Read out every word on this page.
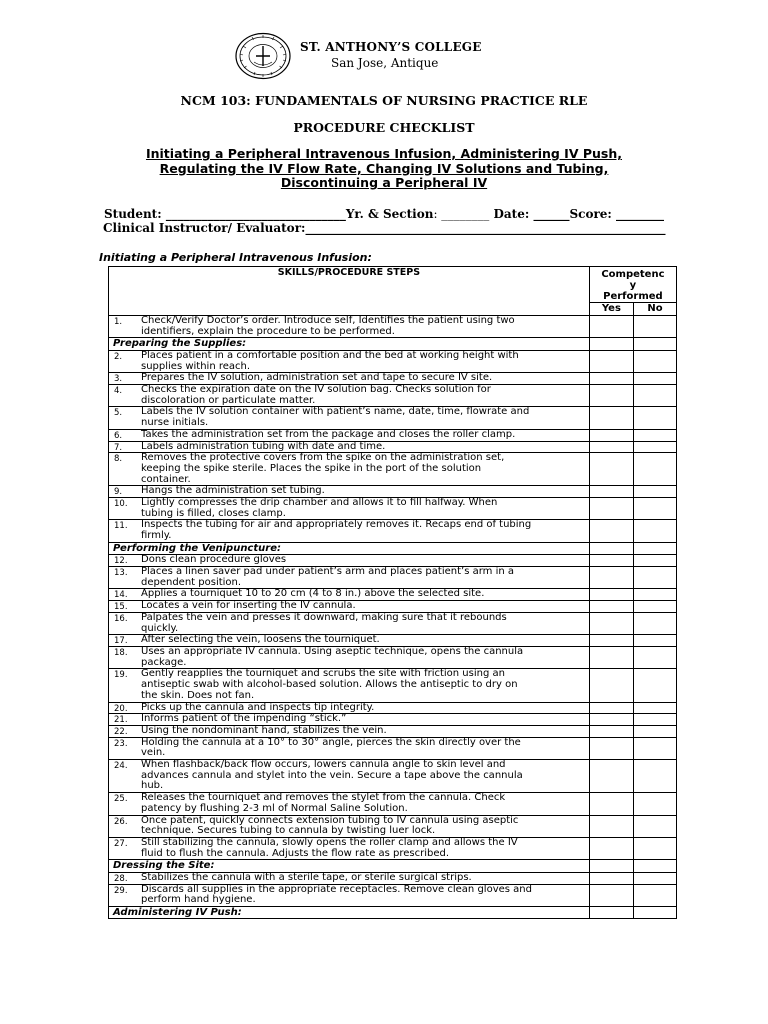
ST. ANTHONY’S COLLEGE
San Jose, Antique
NCM 103: FUNDAMENTALS OF NURSING PRACTICE RLE
PROCEDURE CHECKLIST
Initiating a Peripheral Intravenous Infusion, Administering IV Push,
Regulating the IV Flow Rate, Changing IV Solutions and Tubing,
Discontinuing a Peripheral IV
Student: ______________________________Yr. & Section: ________ Date: ______Score: ________
Clinical Instructor/ Evaluator:____________________________________________________________
Initiating a Peripheral Intravenous Infusion:
SKILLS/PROCEDURE STEPS	Competenc
y
Performed	

	Yes	No

1. Check/Verify Doctor’s order. Introduce self, Identifies the patient using two
identifiers, explain the procedure to be performed.		

Preparing the Supplies:		

2. Places patient in a comfortable position and the bed at working height with
supplies within reach.		

3. Prepares the IV solution, administration set and tape to secure IV site.		

4. Checks the expiration date on the IV solution bag. Checks solution for
discoloration or particulate matter.		

5. Labels the IV solution container with patient’s name, date, time, flowrate and
nurse initials.		

6. Takes the administration set from the package and closes the roller clamp.		

7. Labels administration tubing with date and time.		

8. Removes the protective covers from the spike on the administration set,
keeping the spike sterile. Places the spike in the port of the solution
container.		

9. Hangs the administration set tubing.		

10. Lightly compresses the drip chamber and allows it to fill halfway. When
tubing is filled, closes clamp.		

11. Inspects the tubing for air and appropriately removes it. Recaps end of tubing
firmly.		

Performing the Venipuncture:		

12. Dons clean procedure gloves		

13. Places a linen saver pad under patient’s arm and places patient’s arm in a
dependent position.		

14. Applies a tourniquet 10 to 20 cm (4 to 8 in.) above the selected site.		

15. Locates a vein for inserting the IV cannula.		

16. Palpates the vein and presses it downward, making sure that it rebounds
quickly.		

17. After selecting the vein, loosens the tourniquet.		

18. Uses an appropriate IV cannula. Using aseptic technique, opens the cannula
package.		

19. Gently reapplies the tourniquet and scrubs the site with friction using an
antiseptic swab with alcohol-based solution. Allows the antiseptic to dry on
the skin. Does not fan.		

20. Picks up the cannula and inspects tip integrity.		

21. Informs patient of the impending “stick.”		

22. Using the nondominant hand, stabilizes the vein.		

23. Holding the cannula at a 10° to 30° angle, pierces the skin directly over the
vein.		

24. When flashback/back flow occurs, lowers cannula angle to skin level and
advances cannula and stylet into the vein. Secure a tape above the cannula
hub.		

25. Releases the tourniquet and removes the stylet from the cannula. Check
patency by flushing 2-3 ml of Normal Saline Solution.		

26. Once patent, quickly connects extension tubing to IV cannula using aseptic
technique. Secures tubing to cannula by twisting luer lock.		

27. Still stabilizing the cannula, slowly opens the roller clamp and allows the IV
fluid to flush the cannula. Adjusts the flow rate as prescribed.		

Dressing the Site:		

28. Stabilizes the cannula with a sterile tape, or sterile surgical strips.		

29. Discards all supplies in the appropriate receptacles. Remove clean gloves and
perform hand hygiene.		

Administering IV Push:		
